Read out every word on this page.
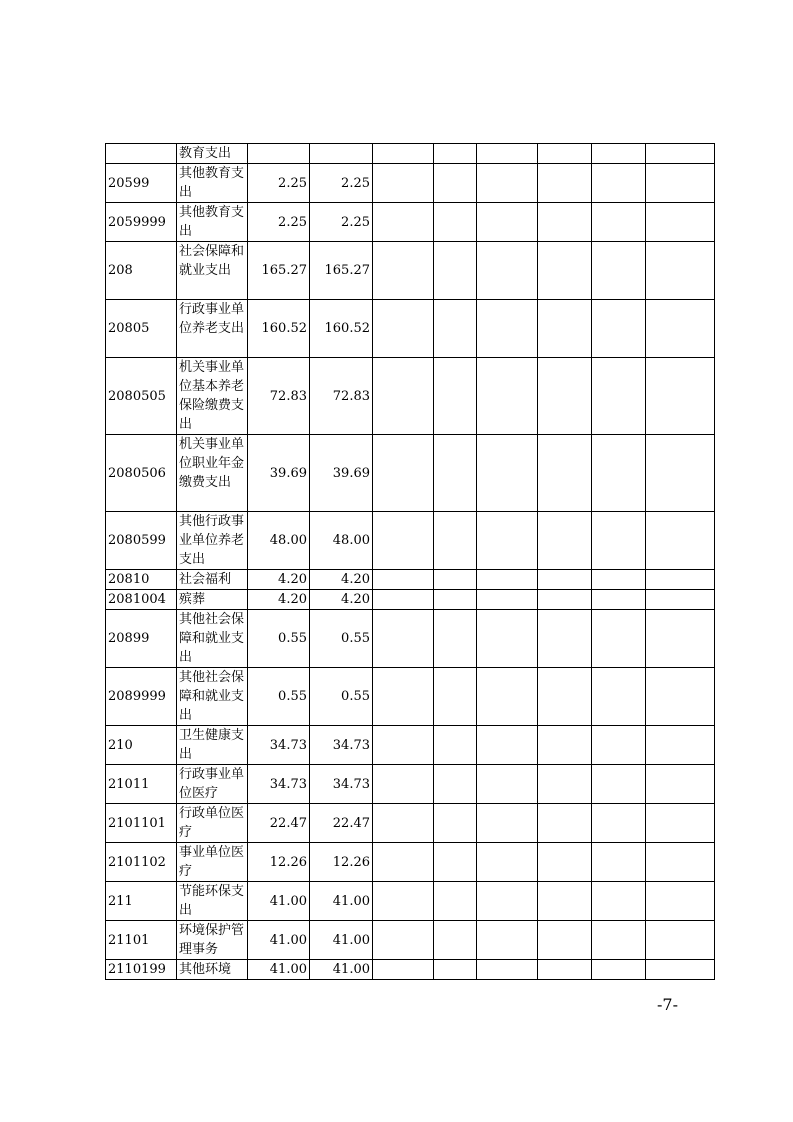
	教育支出								
20599	其他教育支出	2.25	2.25						
2059999	其他教育支出	2.25	2.25						
208	社会保障和就业支出	165.27	165.27						
20805	行政事业单位养老支出	160.52	160.52						
2080505	机关事业单位基本养老保险缴费支出	72.83	72.83						
2080506	机关事业单位职业年金缴费支出	39.69	39.69						
2080599	其他行政事业单位养老支出	48.00	48.00						
20810	社会福利	4.20	4.20						
2081004	殡葬	4.20	4.20						
20899	其他社会保障和就业支出	0.55	0.55						
2089999	其他社会保障和就业支出	0.55	0.55						
210	卫生健康支出	34.73	34.73						
21011	行政事业单位医疗	34.73	34.73						
2101101	行政单位医疗	22.47	22.47						
2101102	事业单位医疗	12.26	12.26						
211	节能环保支出	41.00	41.00						
21101	环境保护管理事务	41.00	41.00						
2110199	其他环境	41.00	41.00						
-7-
